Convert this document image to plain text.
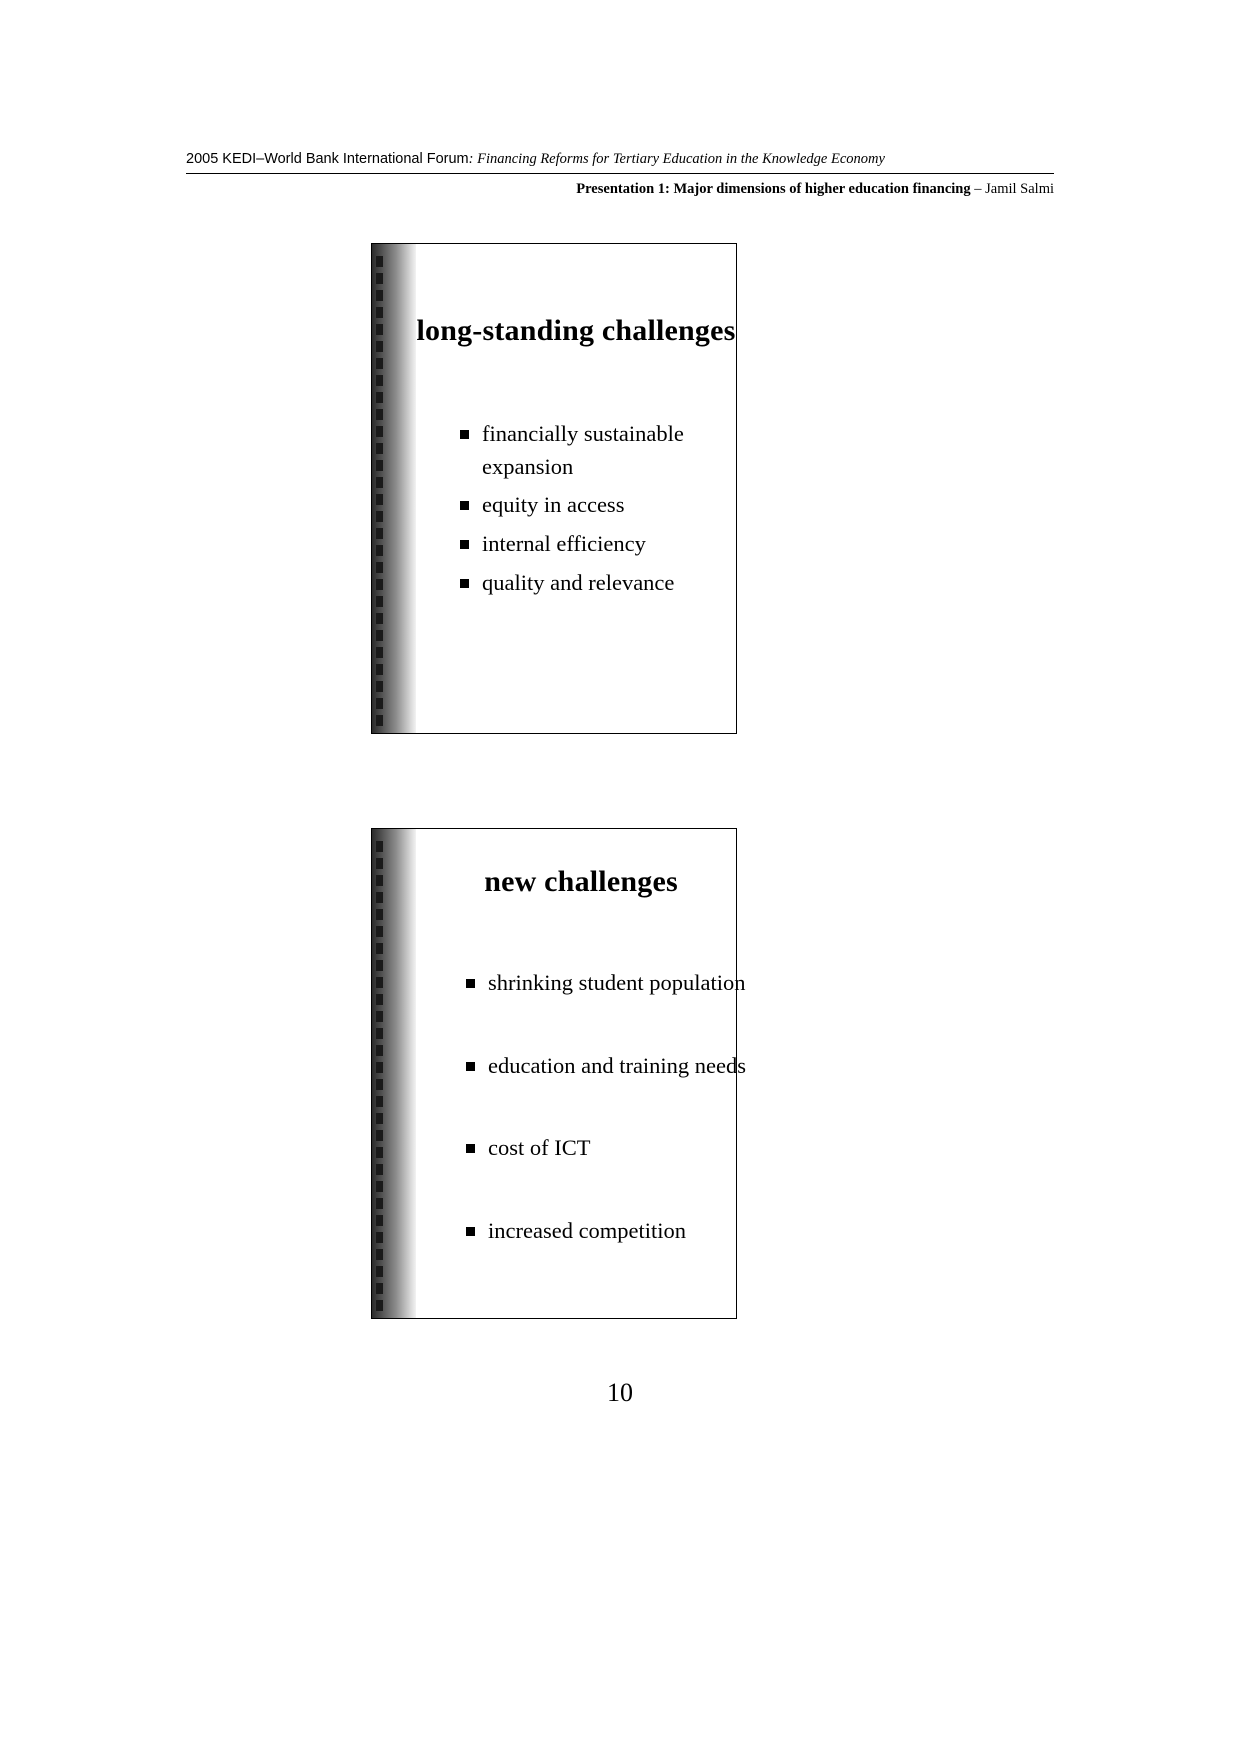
2005 KEDI–World Bank International Forum: Financing Reforms for Tertiary Education in the Knowledge Economy
Presentation 1: Major dimensions of higher education financing – Jamil Salmi
long-standing challenges
financially sustainable expansion
equity in access
internal efficiency
quality and relevance
new challenges
shrinking student population
education and training needs
cost of ICT
increased competition
10
